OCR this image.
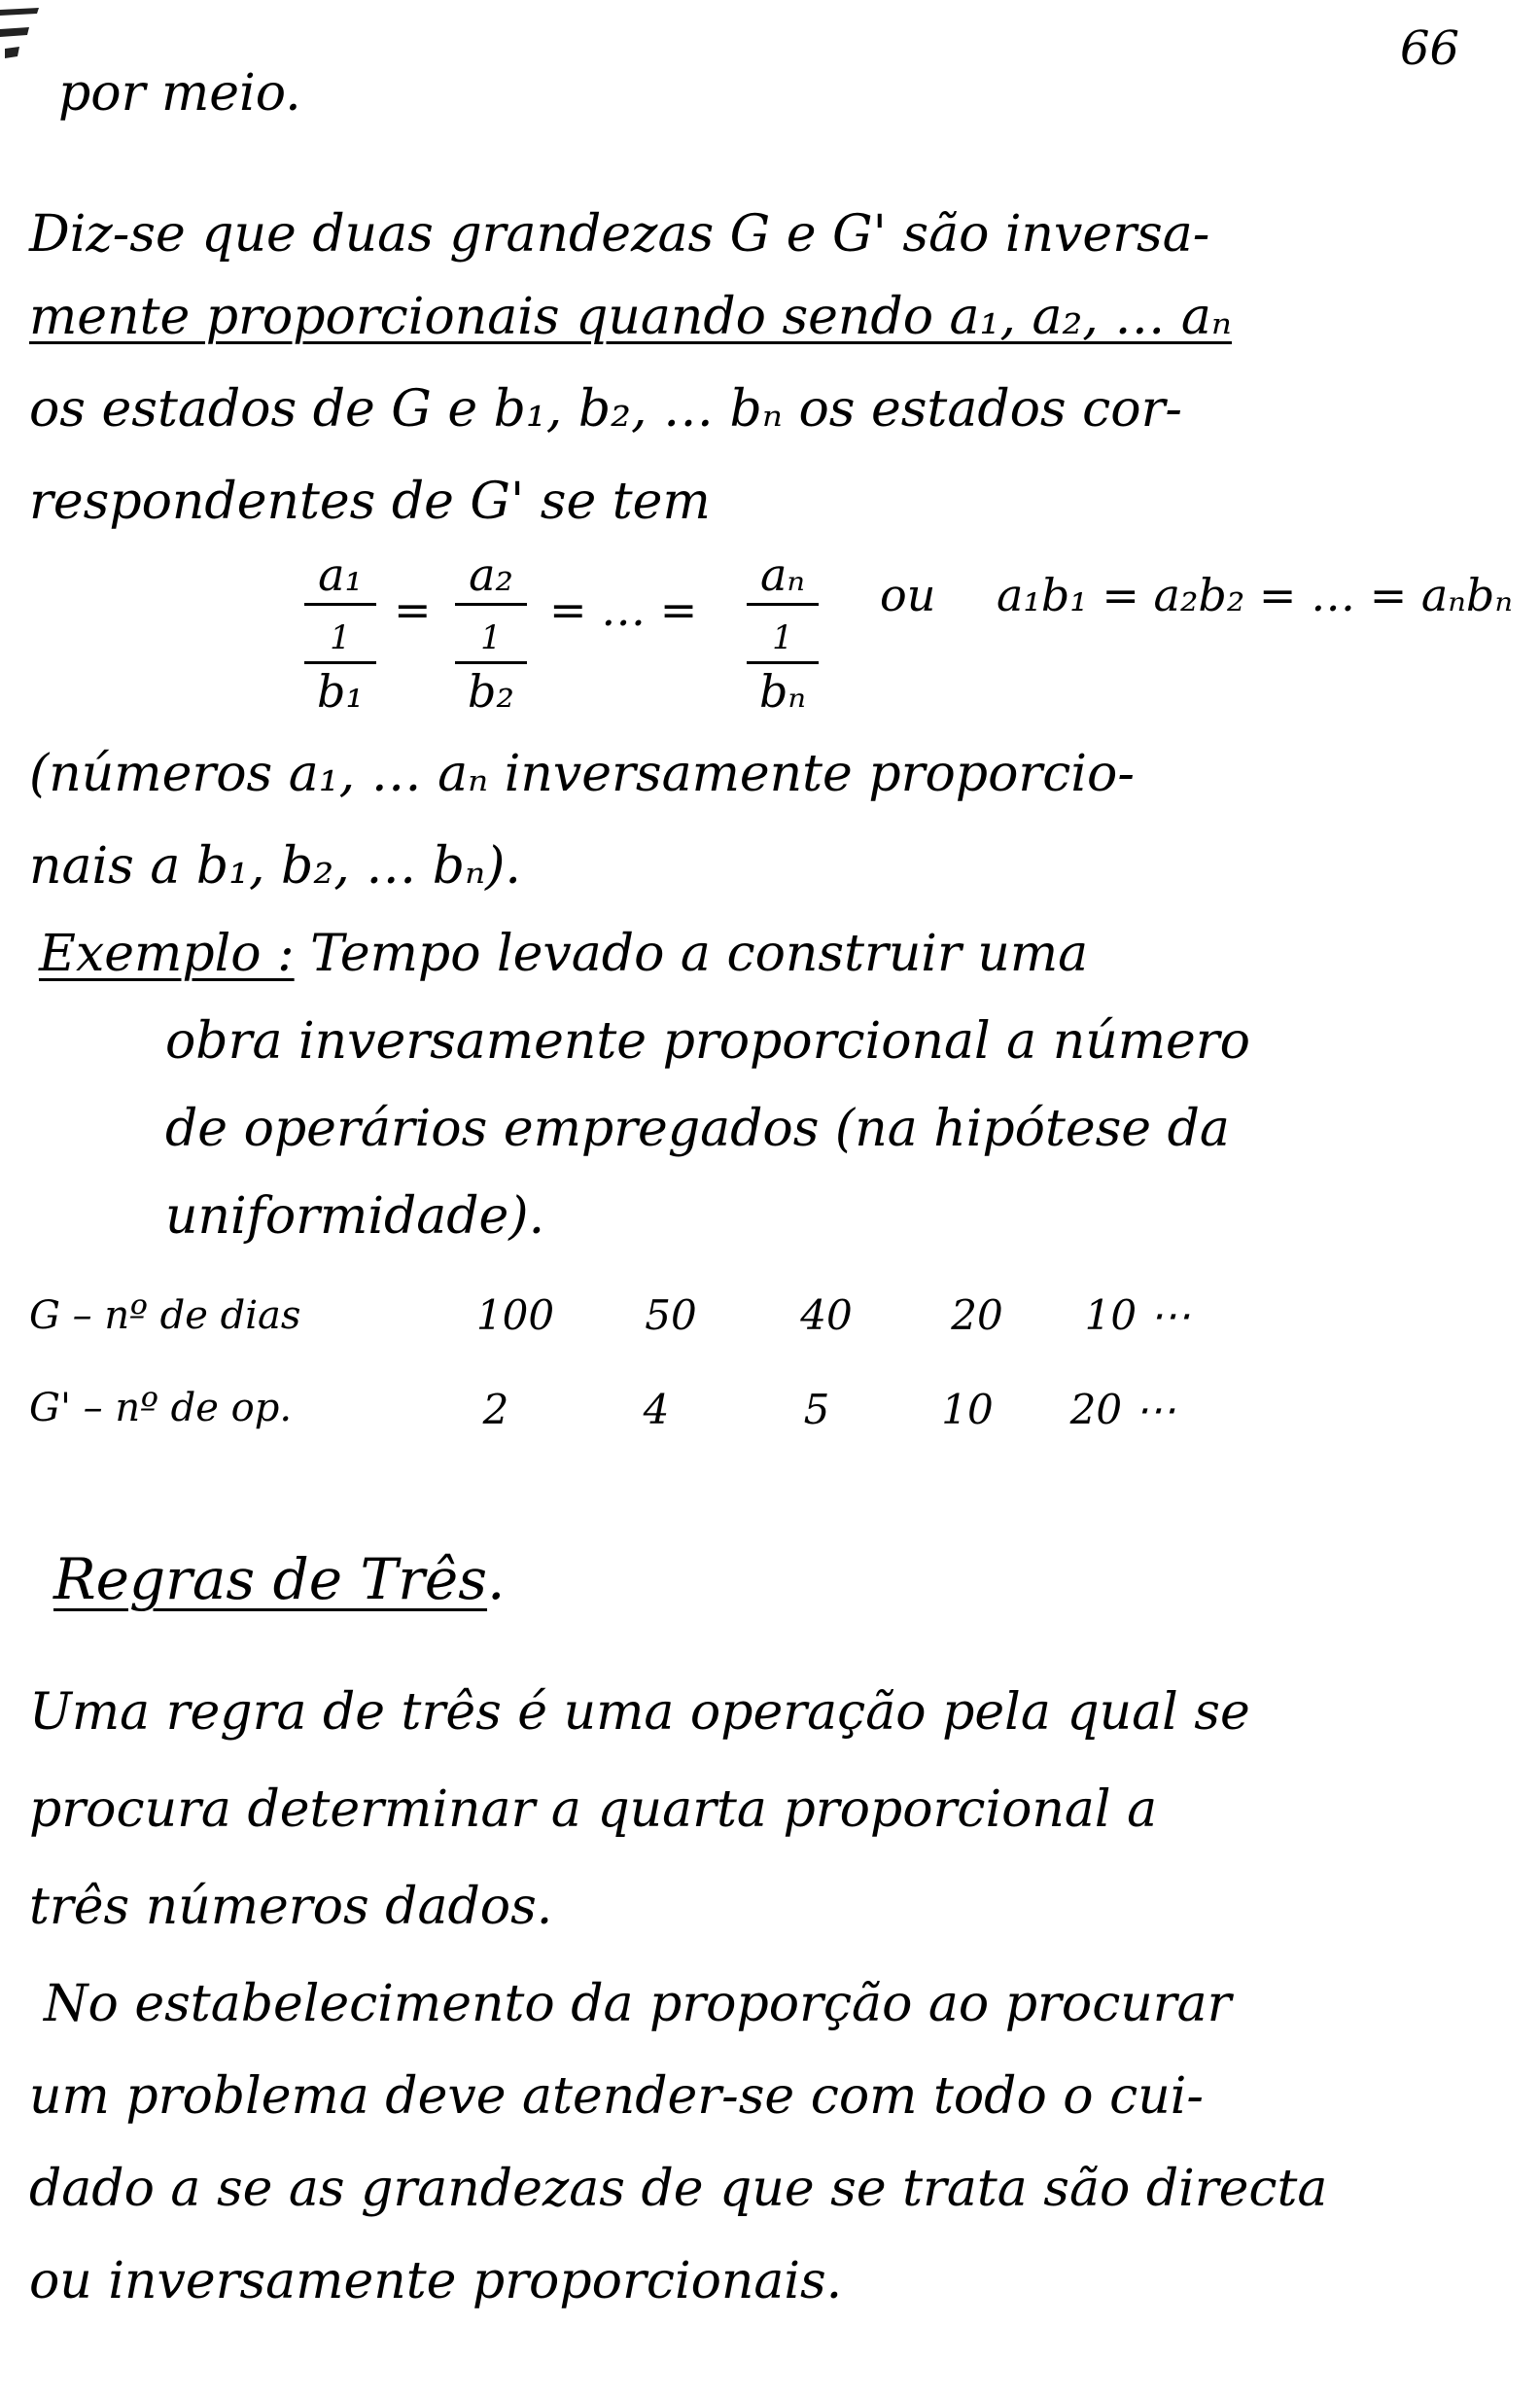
66
por meio.
Diz-se que duas grandezas G e G' são inversa-
mente proporcionais quando sendo a₁, a₂, … aₙ
os estados de G e b₁, b₂, … bₙ os estados cor-
respondentes de G' se tem
a₁
1
b₁
=
a₂
1
b₂
= … =
aₙ
1
bₙ
ou a₁b₁ = a₂b₂ = … = aₙbₙ
(números a₁, … aₙ inversamente proporcio-
nais a b₁, b₂, … bₙ).
Exemplo : Tempo levado a construir uma
obra inversamente proporcional a número
de operários empregados (na hipótese da
uniformidade).
G – nº de dias	100	50	40	20	10 ⋯
G' – nº de op.	2	4	5	10	20 ⋯
Regras de Três.
Uma regra de três é uma operação pela qual se
procura determinar a quarta proporcional a
três números dados.
No estabelecimento da proporção ao procurar
um problema deve atender-se com todo o cui-
dado a se as grandezas de que se trata são directa
ou inversamente proporcionais.
